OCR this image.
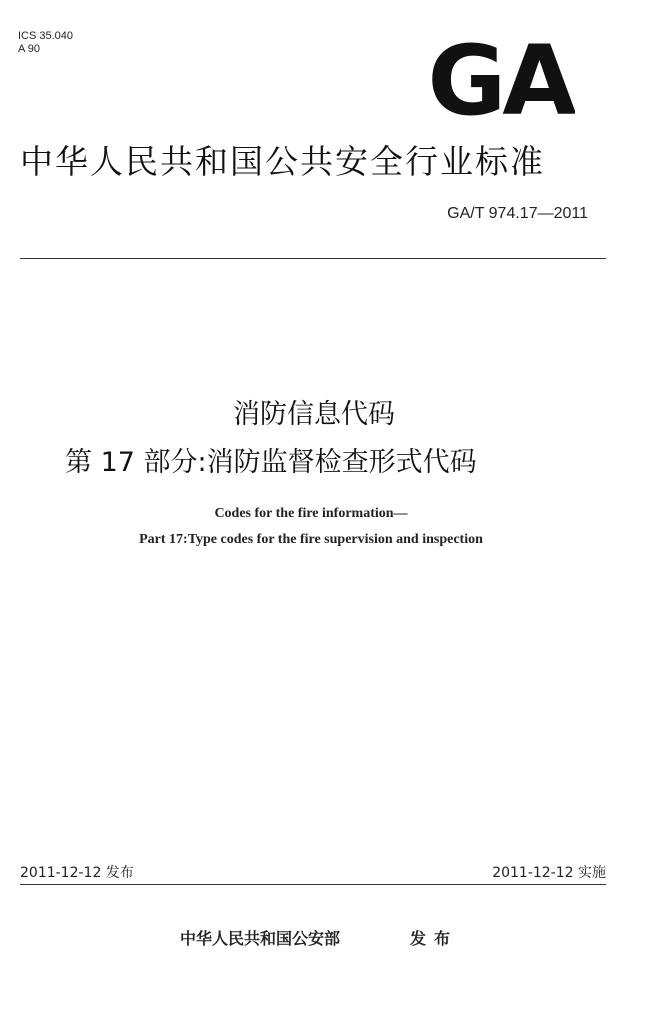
ICS 35.040
A 90	GA
中华人民共和国公共安全行业标准
GA/T 974.17—2011
消防信息代码
第 17 部分:消防监督检查形式代码
Codes for the fire information—
Part 17:Type codes for the fire supervision and inspection
2011-12-12 发布	2011-12-12 实施
中华人民共和国公安部	发布
